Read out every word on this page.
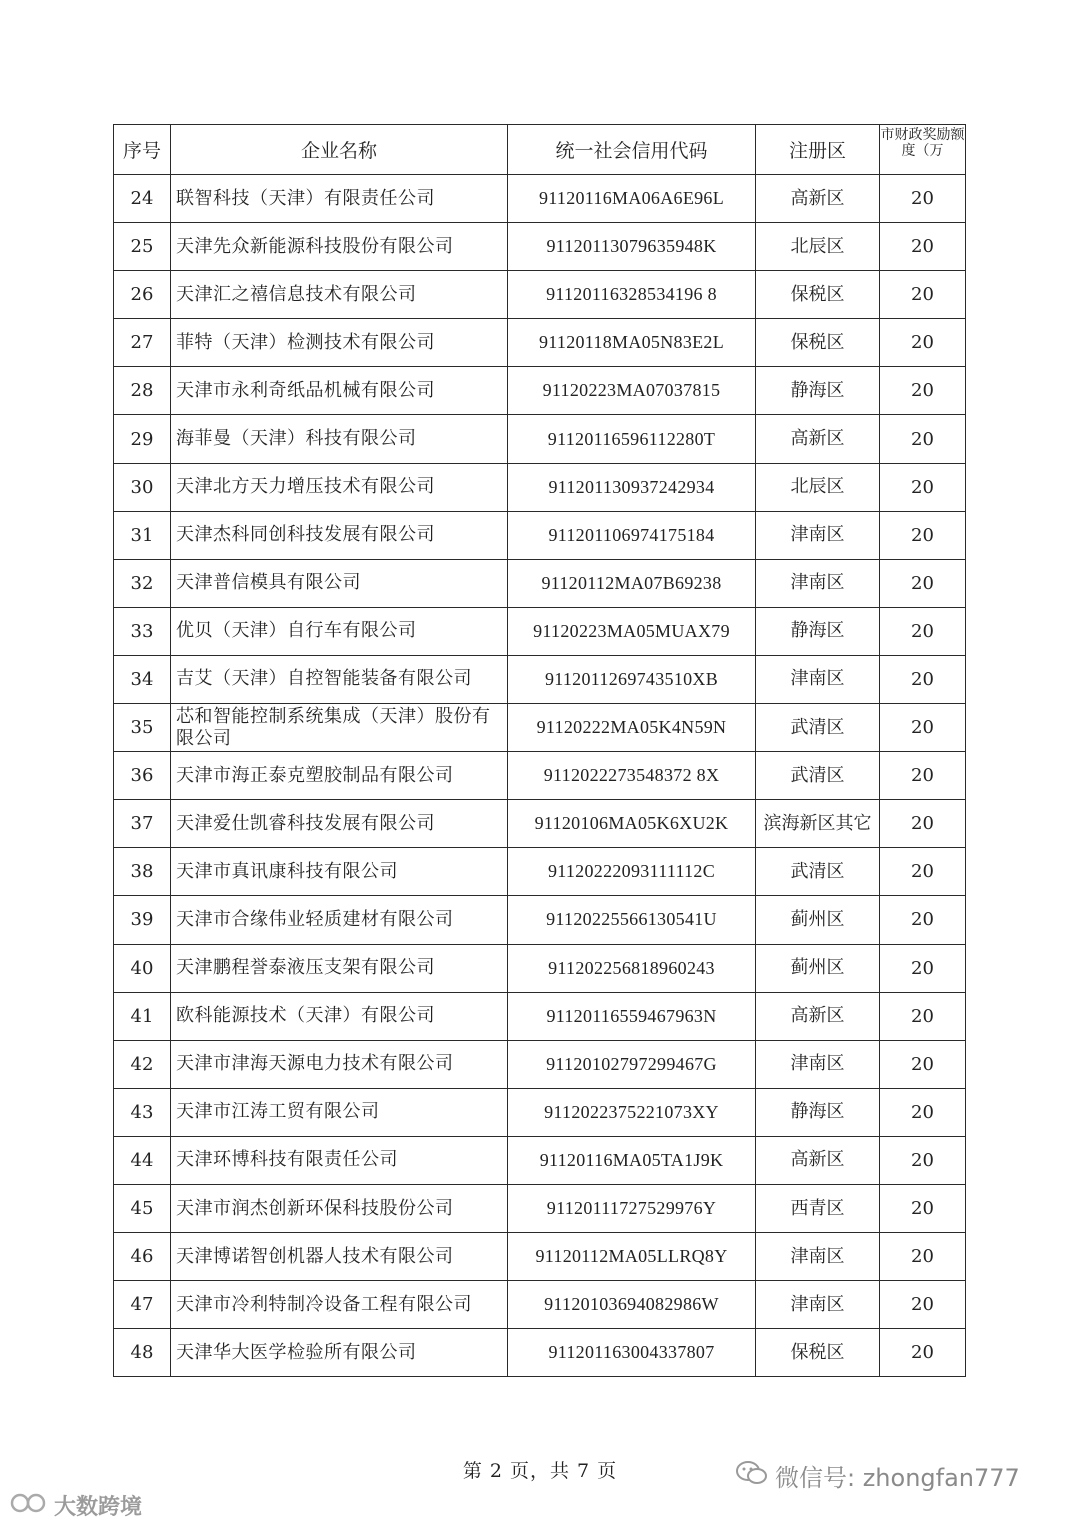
序号	企业名称	统一社会信用代码	注册区	市财政奖励额度（万

24	联智科技（天津）有限责任公司	91120116MA06A6E96L	高新区	20
25	天津先众新能源科技股份有限公司	91120113079635948K	北辰区	20
26	天津汇之禧信息技术有限公司	91120116328534196 8	保税区	20
27	菲特（天津）检测技术有限公司	91120118MA05N83E2L	保税区	20
28	天津市永利奇纸品机械有限公司	91120223MA07037815	静海区	20
29	海菲曼（天津）科技有限公司	91120116596112280T	高新区	20
30	天津北方天力增压技术有限公司	911201130937242934	北辰区	20
31	天津杰科同创科技发展有限公司	911201106974175184	津南区	20
32	天津普信模具有限公司	91120112MA07B69238	津南区	20
33	优贝（天津）自行车有限公司	91120223MA05MUAX79	静海区	20
34	吉艾（天津）自控智能装备有限公司	9112011269743510XB	津南区	20
35	芯和智能控制系统集成（天津）股份有限公司	91120222MA05K4N59N	武清区	20
36	天津市海正泰克塑胶制品有限公司	9112022273548372 8X	武清区	20
37	天津爱仕凯睿科技发展有限公司	91120106MA05K6XU2K	滨海新区其它	20
38	天津市真讯康科技有限公司	91120222093111112C	武清区	20
39	天津市合缘伟业轻质建材有限公司	91120225566130541U	蓟州区	20
40	天津鹏程誉泰液压支架有限公司	911202256818960243	蓟州区	20
41	欧科能源技术（天津）有限公司	91120116559467963N	高新区	20
42	天津市津海天源电力技术有限公司	91120102797299467G	津南区	20
43	天津市江涛工贸有限公司	9112022375221073XY	静海区	20
44	天津环博科技有限责任公司	91120116MA05TA1J9K	高新区	20
45	天津市润杰创新环保科技股份公司	91120111727529976Y	西青区	20
46	天津博诺智创机器人技术有限公司	91120112MA05LLRQ8Y	津南区	20
47	天津市冷利特制冷设备工程有限公司	91120103694082986W	津南区	20
48	天津华大医学检验所有限公司	911201163004337807	保税区	20
第 2 页，共 7 页	微信号: zhongfan777
大数跨境
